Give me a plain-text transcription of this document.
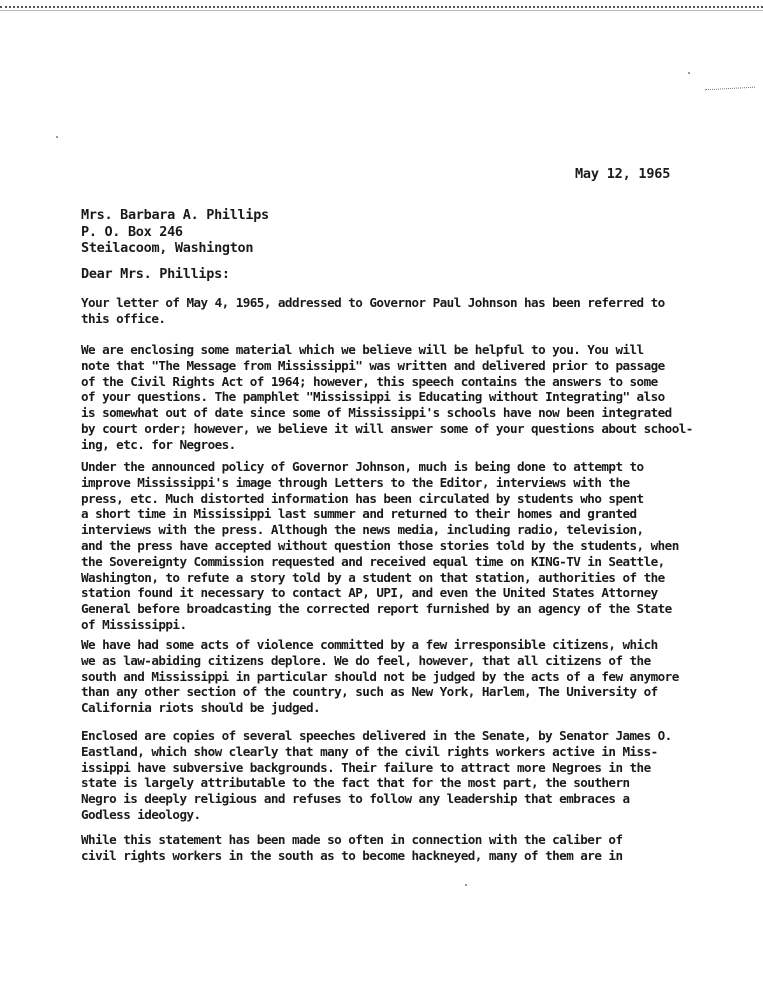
May 12, 1965
Mrs. Barbara A. Phillips
P. O. Box 246
Steilacoom, Washington
Dear Mrs. Phillips:
Your letter of May 4, 1965, addressed to Governor Paul Johnson has been referred to
this office.
We are enclosing some material which we believe will be helpful to you. You will
note that "The Message from Mississippi" was written and delivered prior to passage
of the Civil Rights Act of 1964; however, this speech contains the answers to some
of your questions. The pamphlet "Mississippi is Educating without Integrating" also
is somewhat out of date since some of Mississippi's schools have now been integrated
by court order; however, we believe it will answer some of your questions about school-
ing, etc. for Negroes.
Under the announced policy of Governor Johnson, much is being done to attempt to
improve Mississippi's image through Letters to the Editor, interviews with the
press, etc. Much distorted information has been circulated by students who spent
a short time in Mississippi last summer and returned to their homes and granted
interviews with the press. Although the news media, including radio, television,
and the press have accepted without question those stories told by the students, when
the Sovereignty Commission requested and received equal time on KING-TV in Seattle,
Washington, to refute a story told by a student on that station, authorities of the
station found it necessary to contact AP, UPI, and even the United States Attorney
General before broadcasting the corrected report furnished by an agency of the State
of Mississippi.
We have had some acts of violence committed by a few irresponsible citizens, which
we as law-abiding citizens deplore. We do feel, however, that all citizens of the
south and Mississippi in particular should not be judged by the acts of a few anymore
than any other section of the country, such as New York, Harlem, The University of
California riots should be judged.
Enclosed are copies of several speeches delivered in the Senate, by Senator James O.
Eastland, which show clearly that many of the civil rights workers active in Miss-
issippi have subversive backgrounds. Their failure to attract more Negroes in the
state is largely attributable to the fact that for the most part, the southern
Negro is deeply religious and refuses to follow any leadership that embraces a
Godless ideology.
While this statement has been made so often in connection with the caliber of
civil rights workers in the south as to become hackneyed, many of them are in
